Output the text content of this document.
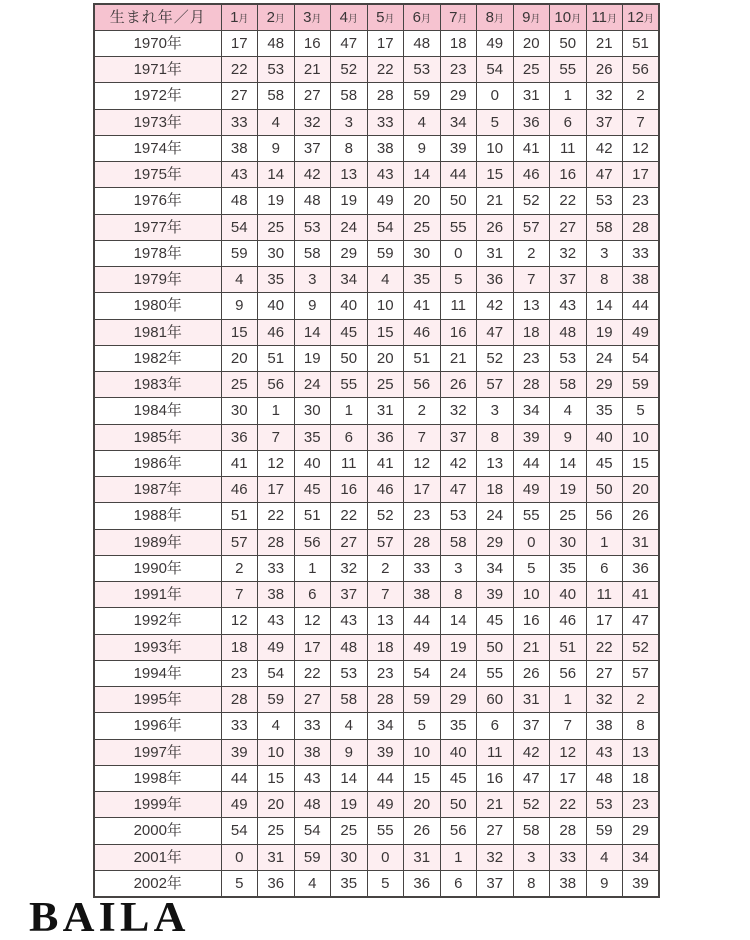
生まれ年／月	1月	2月	3月	4月	5月	6月	7月	8月	9月	10月	11月	12月
1970年	17	48	16	47	17	48	18	49	20	50	21	51
1971年	22	53	21	52	22	53	23	54	25	55	26	56
1972年	27	58	27	58	28	59	29	0	31	1	32	2
1973年	33	4	32	3	33	4	34	5	36	6	37	7
1974年	38	9	37	8	38	9	39	10	41	11	42	12
1975年	43	14	42	13	43	14	44	15	46	16	47	17
1976年	48	19	48	19	49	20	50	21	52	22	53	23
1977年	54	25	53	24	54	25	55	26	57	27	58	28
1978年	59	30	58	29	59	30	0	31	2	32	3	33
1979年	4	35	3	34	4	35	5	36	7	37	8	38
1980年	9	40	9	40	10	41	11	42	13	43	14	44
1981年	15	46	14	45	15	46	16	47	18	48	19	49
1982年	20	51	19	50	20	51	21	52	23	53	24	54
1983年	25	56	24	55	25	56	26	57	28	58	29	59
1984年	30	1	30	1	31	2	32	3	34	4	35	5
1985年	36	7	35	6	36	7	37	8	39	9	40	10
1986年	41	12	40	11	41	12	42	13	44	14	45	15
1987年	46	17	45	16	46	17	47	18	49	19	50	20
1988年	51	22	51	22	52	23	53	24	55	25	56	26
1989年	57	28	56	27	57	28	58	29	0	30	1	31
1990年	2	33	1	32	2	33	3	34	5	35	6	36
1991年	7	38	6	37	7	38	8	39	10	40	11	41
1992年	12	43	12	43	13	44	14	45	16	46	17	47
1993年	18	49	17	48	18	49	19	50	21	51	22	52
1994年	23	54	22	53	23	54	24	55	26	56	27	57
1995年	28	59	27	58	28	59	29	60	31	1	32	2
1996年	33	4	33	4	34	5	35	6	37	7	38	8
1997年	39	10	38	9	39	10	40	11	42	12	43	13
1998年	44	15	43	14	44	15	45	16	47	17	48	18
1999年	49	20	48	19	49	20	50	21	52	22	53	23
2000年	54	25	54	25	55	26	56	27	58	28	59	29
2001年	0	31	59	30	0	31	1	32	3	33	4	34
2002年	5	36	4	35	5	36	6	37	8	38	9	39
BAILA
